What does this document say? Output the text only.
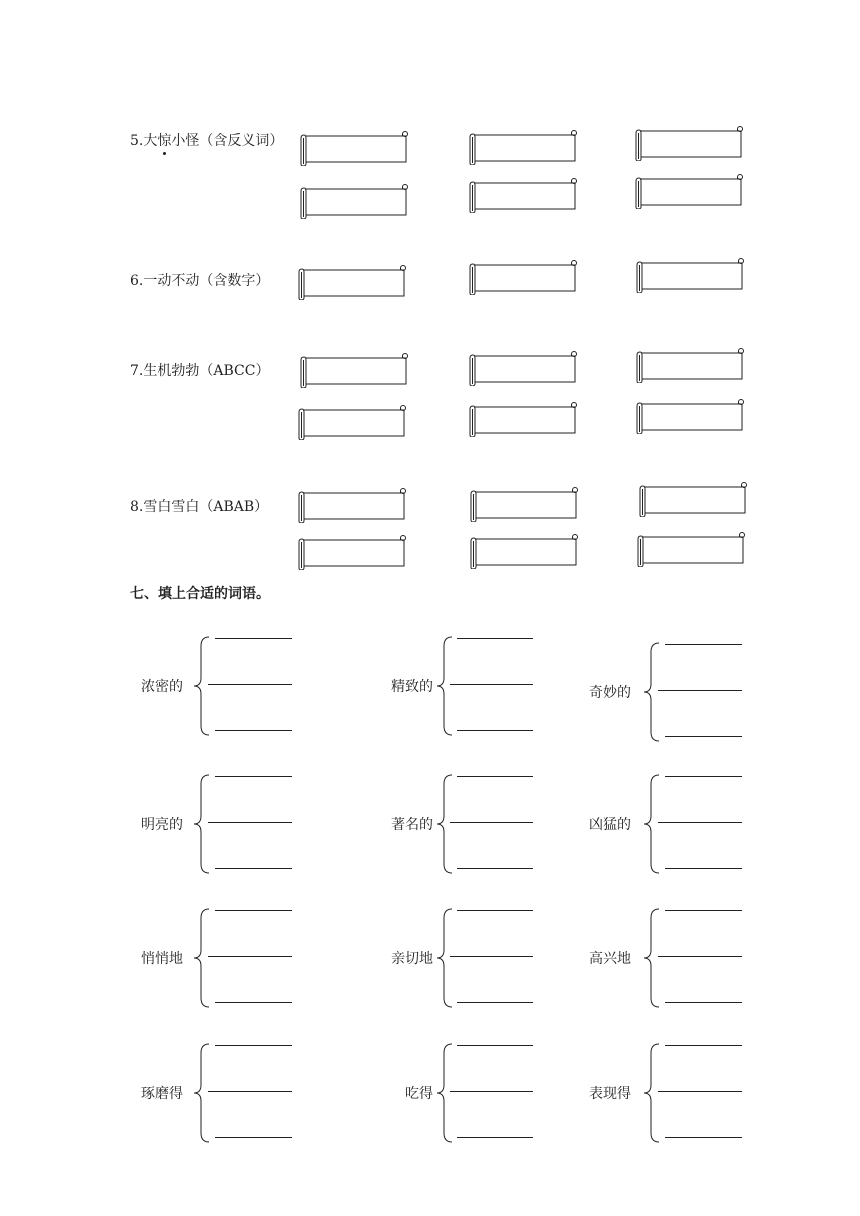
5.大惊小怪（含反义词）
6.一动不动（含数字）
7.生机勃勃（ABCC）
8.雪白雪白（ABAB）
七、填上合适的词语。
浓密的	精致的	奇妙的
明亮的	著名的	凶猛的
悄悄地	亲切地	高兴地
琢磨得	吃得	表现得
